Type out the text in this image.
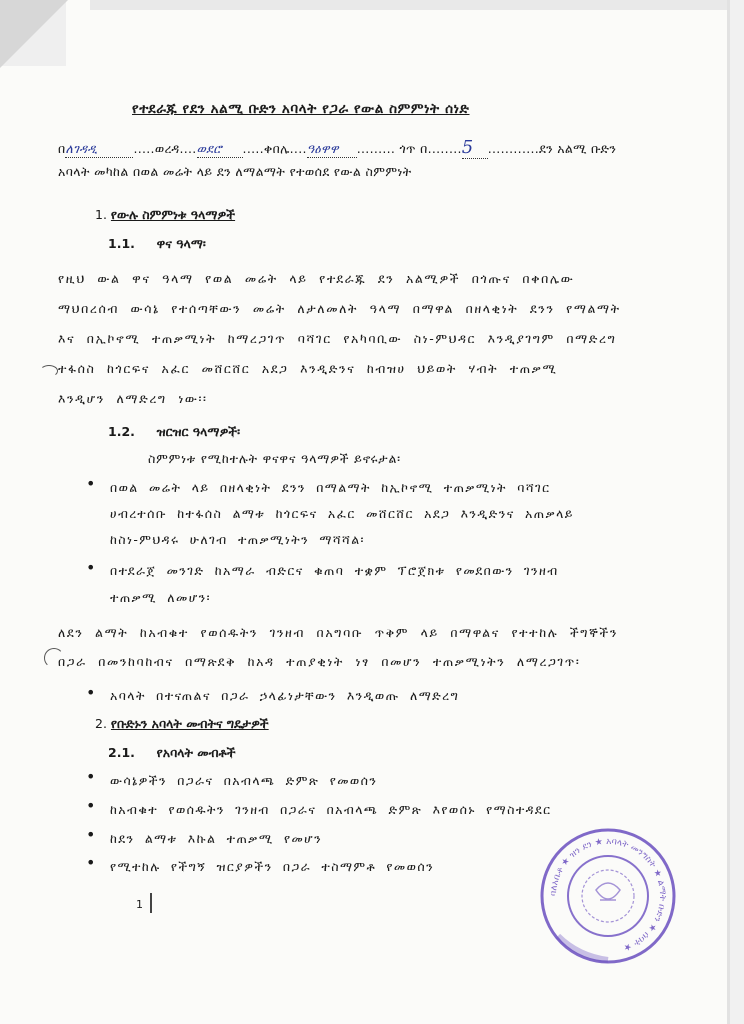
የተደራጁ የደን አልሚ ቡድን አባላት የጋራ የውል ስምምነት ሰነድ
በለገዳዲ	.....ወረዳ....ወደሮ .....ቀበሌ....ዓዕዋዋ ......... ጎጥ በ........5 ............ደን አልሚ ቡድን
አባላት መካከል በወል መሬት ላይ ደን ለማልማት የተወሰደ የውል ስምምነት
1. የውሉ ስምምነቱ ዓላማዎች
1.1. ዋና ዓላማ፡
የዚህ ውል ዋና ዓላማ የወል መሬት ላይ የተደራጁ ደን አልሚዎች በጎጡና በቀበሌው
ማህበረሰብ ውሳኔ የተሰጣቸውን መሬት ለታለመለት ዓላማ በማዋል በዘላቂነት ደንን የማልማት
እና በኢኮኖሚ ተጠቃሚነት ከማረጋገጥ ባሻገር የአካባቢው ስነ-ምህዳር እንዲያገግም በማድረግ
ተፋሰስ ከጎርፍና አፈር መሸርሸር አደጋ እንዲድንና ከብዝሀ ህይወት ሃብት ተጠቃሚ
እንዲሆን ለማድረግ ነው፡፡
1.2. ዝርዝር ዓላማዎች፡
ስምምነቱ የሚከተሉት ዋናዋና ዓላማዎች ይኖሩታል፡
• በወል መሬት ላይ በዘላቂነት ደንን በማልማት ከኢኮኖሚ ተጠቃሚነት ባሻገር
ሀብረተሰቡ ከተፋሰስ ልማቱ ከጎርፍና አፈር መሸርሸር አደጋ እንዲድንና አጠቃላይ
ከስነ-ምህዳሩ ሁለገብ ተጠቃሚነትን ማሻሻል፡
• በተደራጀ መንገድ ከአማራ ብድርና ቁጠባ ተቋም ፕሮጀክቱ የመደበውን ገንዘብ
ተጠቃሚ ለመሆን፡
ለደን ልማት ከአብቁተ የወሰዱትን ገንዘብ በአግባቡ ጥቅም ላይ በማዋልና የተተከሉ ችግኞችን
በጋራ በመንከባከብና በማጽደቅ ከአዳ ተጠያቂነት ነፃ በመሆን ተጠቃሚነትን ለማረጋገጥ፡
• አባላት በተናጠልና በጋራ ኃላፊነታቸውን እንዲወጡ ለማድረግ
2. የቡድኑን አባላት መብትና ግዴታዎች
2.1. የአባላት መብቶች
• ውሳኔዎችን በጋራና በአብላጫ ድምጽ የመወሰን
• ከአብቁተ የወሰዱትን ገንዘብ በጋራና በአብላጫ ድምጽ እየወሰኑ የማስተዳደር
• ከደን ልማቱ እኩል ተጠቃሚ የመሆን
• የሚተከሉ የችግኝ ዝርያዎችን በጋራ ተስማምቶ የመወሰን
1
ባለአቤቶ ★ ዝን ደን ★ አባላት መንግስት ★ ልማት ቡድን ★ ሰባት ★
